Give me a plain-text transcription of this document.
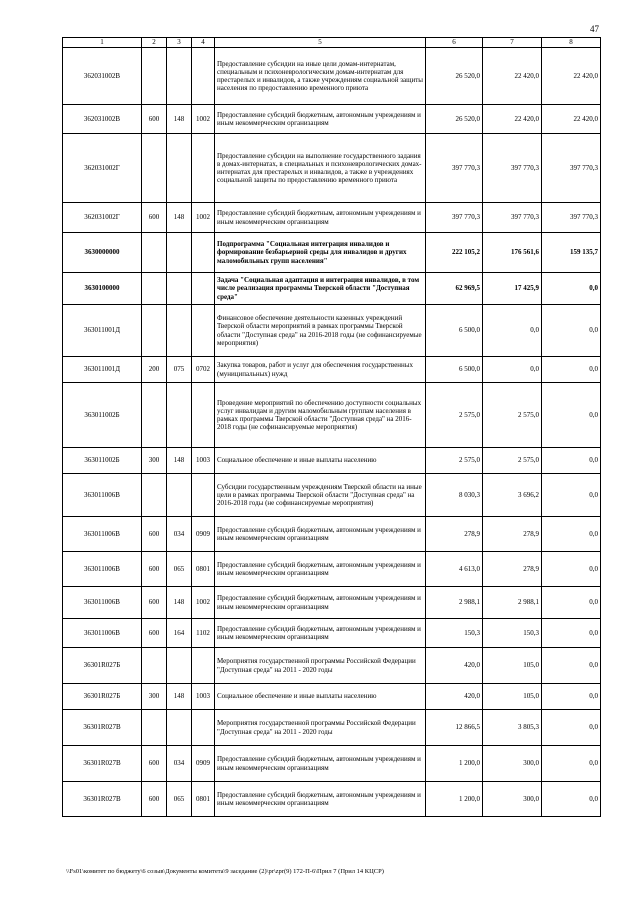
47
1	2	3	4	5	6	7	8
362031002В				Предоставление субсидии на иные цели домам-интернатам, специальным и психоневрологическим домам-интернатам для престарелых и инвалидов, а также учреждениям социальной защиты населения по предоставлению временного приюта	26 520,0	22 420,0	22 420,0
362031002В	600	148	1002	Предоставление субсидий бюджетным, автономным учреждениям и иным некоммерческим организациям	26 520,0	22 420,0	22 420,0
362031002Г				Предоставление субсидии на выполнение государственного задания в домах-интернатах, в специальных и психоневрологических домах-интернатах для престарелых и инвалидов, а также в учреждениях социальной защиты по предоставлению временного приюта	397 770,3	397 770,3	397 770,3
362031002Г	600	148	1002	Предоставление субсидий бюджетным, автономным учреждениям и иным некоммерческим организациям	397 770,3	397 770,3	397 770,3
3630000000				Подпрограмма "Социальная интеграция инвалидов и формирование безбарьерной среды для инвалидов и других маломобильных групп населения"	222 105,2	176 561,6	159 135,7
3630100000				Задача "Социальная адаптация и интеграция инвалидов, в том числе реализация программы Тверской области "Доступная среда"	62 969,5	17 425,9	0,0
363011001Д				Финансовое обеспечение деятельности казенных учреждений Тверской области мероприятий в рамках программы Тверской области "Доступная среда" на 2016-2018 годы (не софинансируемые мероприятия)	6 500,0	0,0	0,0
363011001Д	200	075	0702	Закупка товаров, работ и услуг для обеспечения государственных (муниципальных) нужд	6 500,0	0,0	0,0
363011002Б				Проведение мероприятий по обеспечению доступности социальных услуг инвалидам и другим маломобильным группам населения в рамках программы Тверской области "Доступная среда" на 2016-2018 годы (не софинансируемые мероприятия)	2 575,0	2 575,0	0,0
363011002Б	300	148	1003	Социальное обеспечение и иные выплаты населению	2 575,0	2 575,0	0,0
363011006В				Субсидии государственным учреждениям Тверской области на иные цели в рамках программы Тверской области "Доступная среда" на 2016-2018 годы (не софинансируемые мероприятия)	8 030,3	3 696,2	0,0
363011006В	600	034	0909	Предоставление субсидий бюджетным, автономным учреждениям и иным некоммерческим организациям	278,9	278,9	0,0
363011006В	600	065	0801	Предоставление субсидий бюджетным, автономным учреждениям и иным некоммерческим организациям	4 613,0	278,9	0,0
363011006В	600	148	1002	Предоставление субсидий бюджетным, автономным учреждениям и иным некоммерческим организациям	2 988,1	2 988,1	0,0
363011006В	600	164	1102	Предоставление субсидий бюджетным, автономным учреждениям и иным некоммерческим организациям	150,3	150,3	0,0
36301R027Б				Мероприятия государственной программы Российской Федерации "Доступная среда" на 2011 - 2020 годы	420,0	105,0	0,0
36301R027Б	300	148	1003	Социальное обеспечение и иные выплаты населению	420,0	105,0	0,0
36301R027В				Мероприятия государственной программы Российской Федерации "Доступная среда" на 2011 - 2020 годы	12 866,5	3 805,3	0,0
36301R027В	600	034	0909	Предоставление субсидий бюджетным, автономным учреждениям и иным некоммерческим организациям	1 200,0	300,0	0,0
36301R027В	600	065	0801	Предоставление субсидий бюджетным, автономным учреждениям и иным некоммерческим организациям	1 200,0	300,0	0,0
\\Fs01\комитет по бюджету\6 созыв\Документы комитета\9 заседание (2)\pr\zpr(9) 172-П-6\Прил 7 (Прил 14 КЦСР)
